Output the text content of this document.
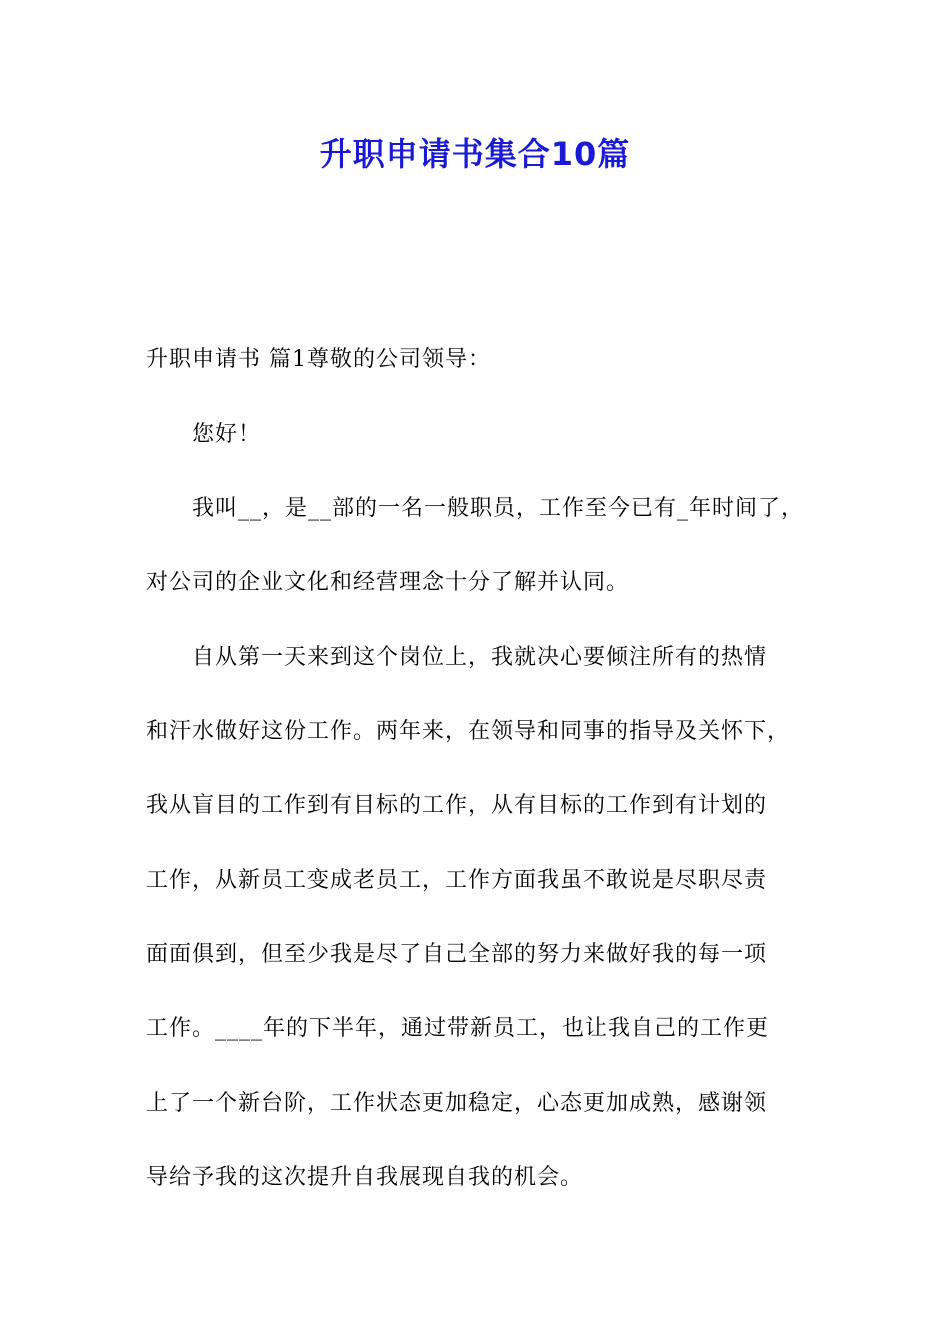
升职申请书集合10篇
升职申请书 篇1尊敬的公司领导：
您好！
我叫__，是__部的一名一般职员，工作至今已有_年时间了，
对公司的企业文化和经营理念十分了解并认同。
自从第一天来到这个岗位上，我就决心要倾注所有的热情
和汗水做好这份工作。两年来，在领导和同事的指导及关怀下，
我从盲目的工作到有目标的工作，从有目标的工作到有计划的
工作，从新员工变成老员工，工作方面我虽不敢说是尽职尽责
面面俱到，但至少我是尽了自己全部的努力来做好我的每一项
工作。____年的下半年，通过带新员工，也让我自己的工作更
上了一个新台阶，工作状态更加稳定，心态更加成熟，感谢领
导给予我的这次提升自我展现自我的机会。
